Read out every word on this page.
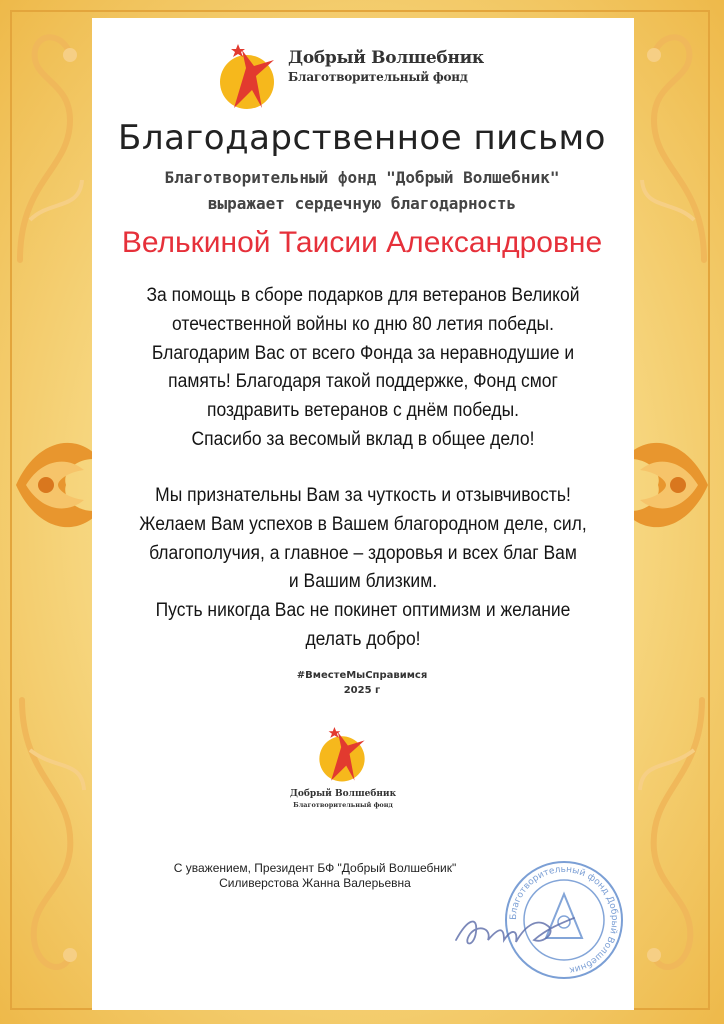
Добрый Волшебник
Благотворительный фонд
Благодарственное письмо
Благотворительный фонд "Добрый Волшебник"
выражает сердечную благодарность
Велькиной Таисии Александровне
За помощь в сборе подарков для ветеранов Великой
отечественной войны ко дню 80 летия победы.
Благодарим Вас от всего Фонда за неравнодушие и
память! Благодаря такой поддержке, Фонд смог
поздравить ветеранов с днём победы.
Спасибо за весомый вклад в общее дело!
Мы признательны Вам за чуткость и отзывчивость!
Желаем Вам успехов в Вашем благородном деле, сил,
благополучия, а главное – здоровья и всех благ Вам
и Вашим близким.
Пусть никогда Вас не покинет оптимизм и желание
делать добро!
#ВместеМыСправимся
2025 г
Добрый Волшебник
Благотворительный фонд
С уважением, Президент БФ "Добрый Волшебник"
Силиверстова Жанна Валерьевна
Благотворительный фонд Добрый Волшебник
